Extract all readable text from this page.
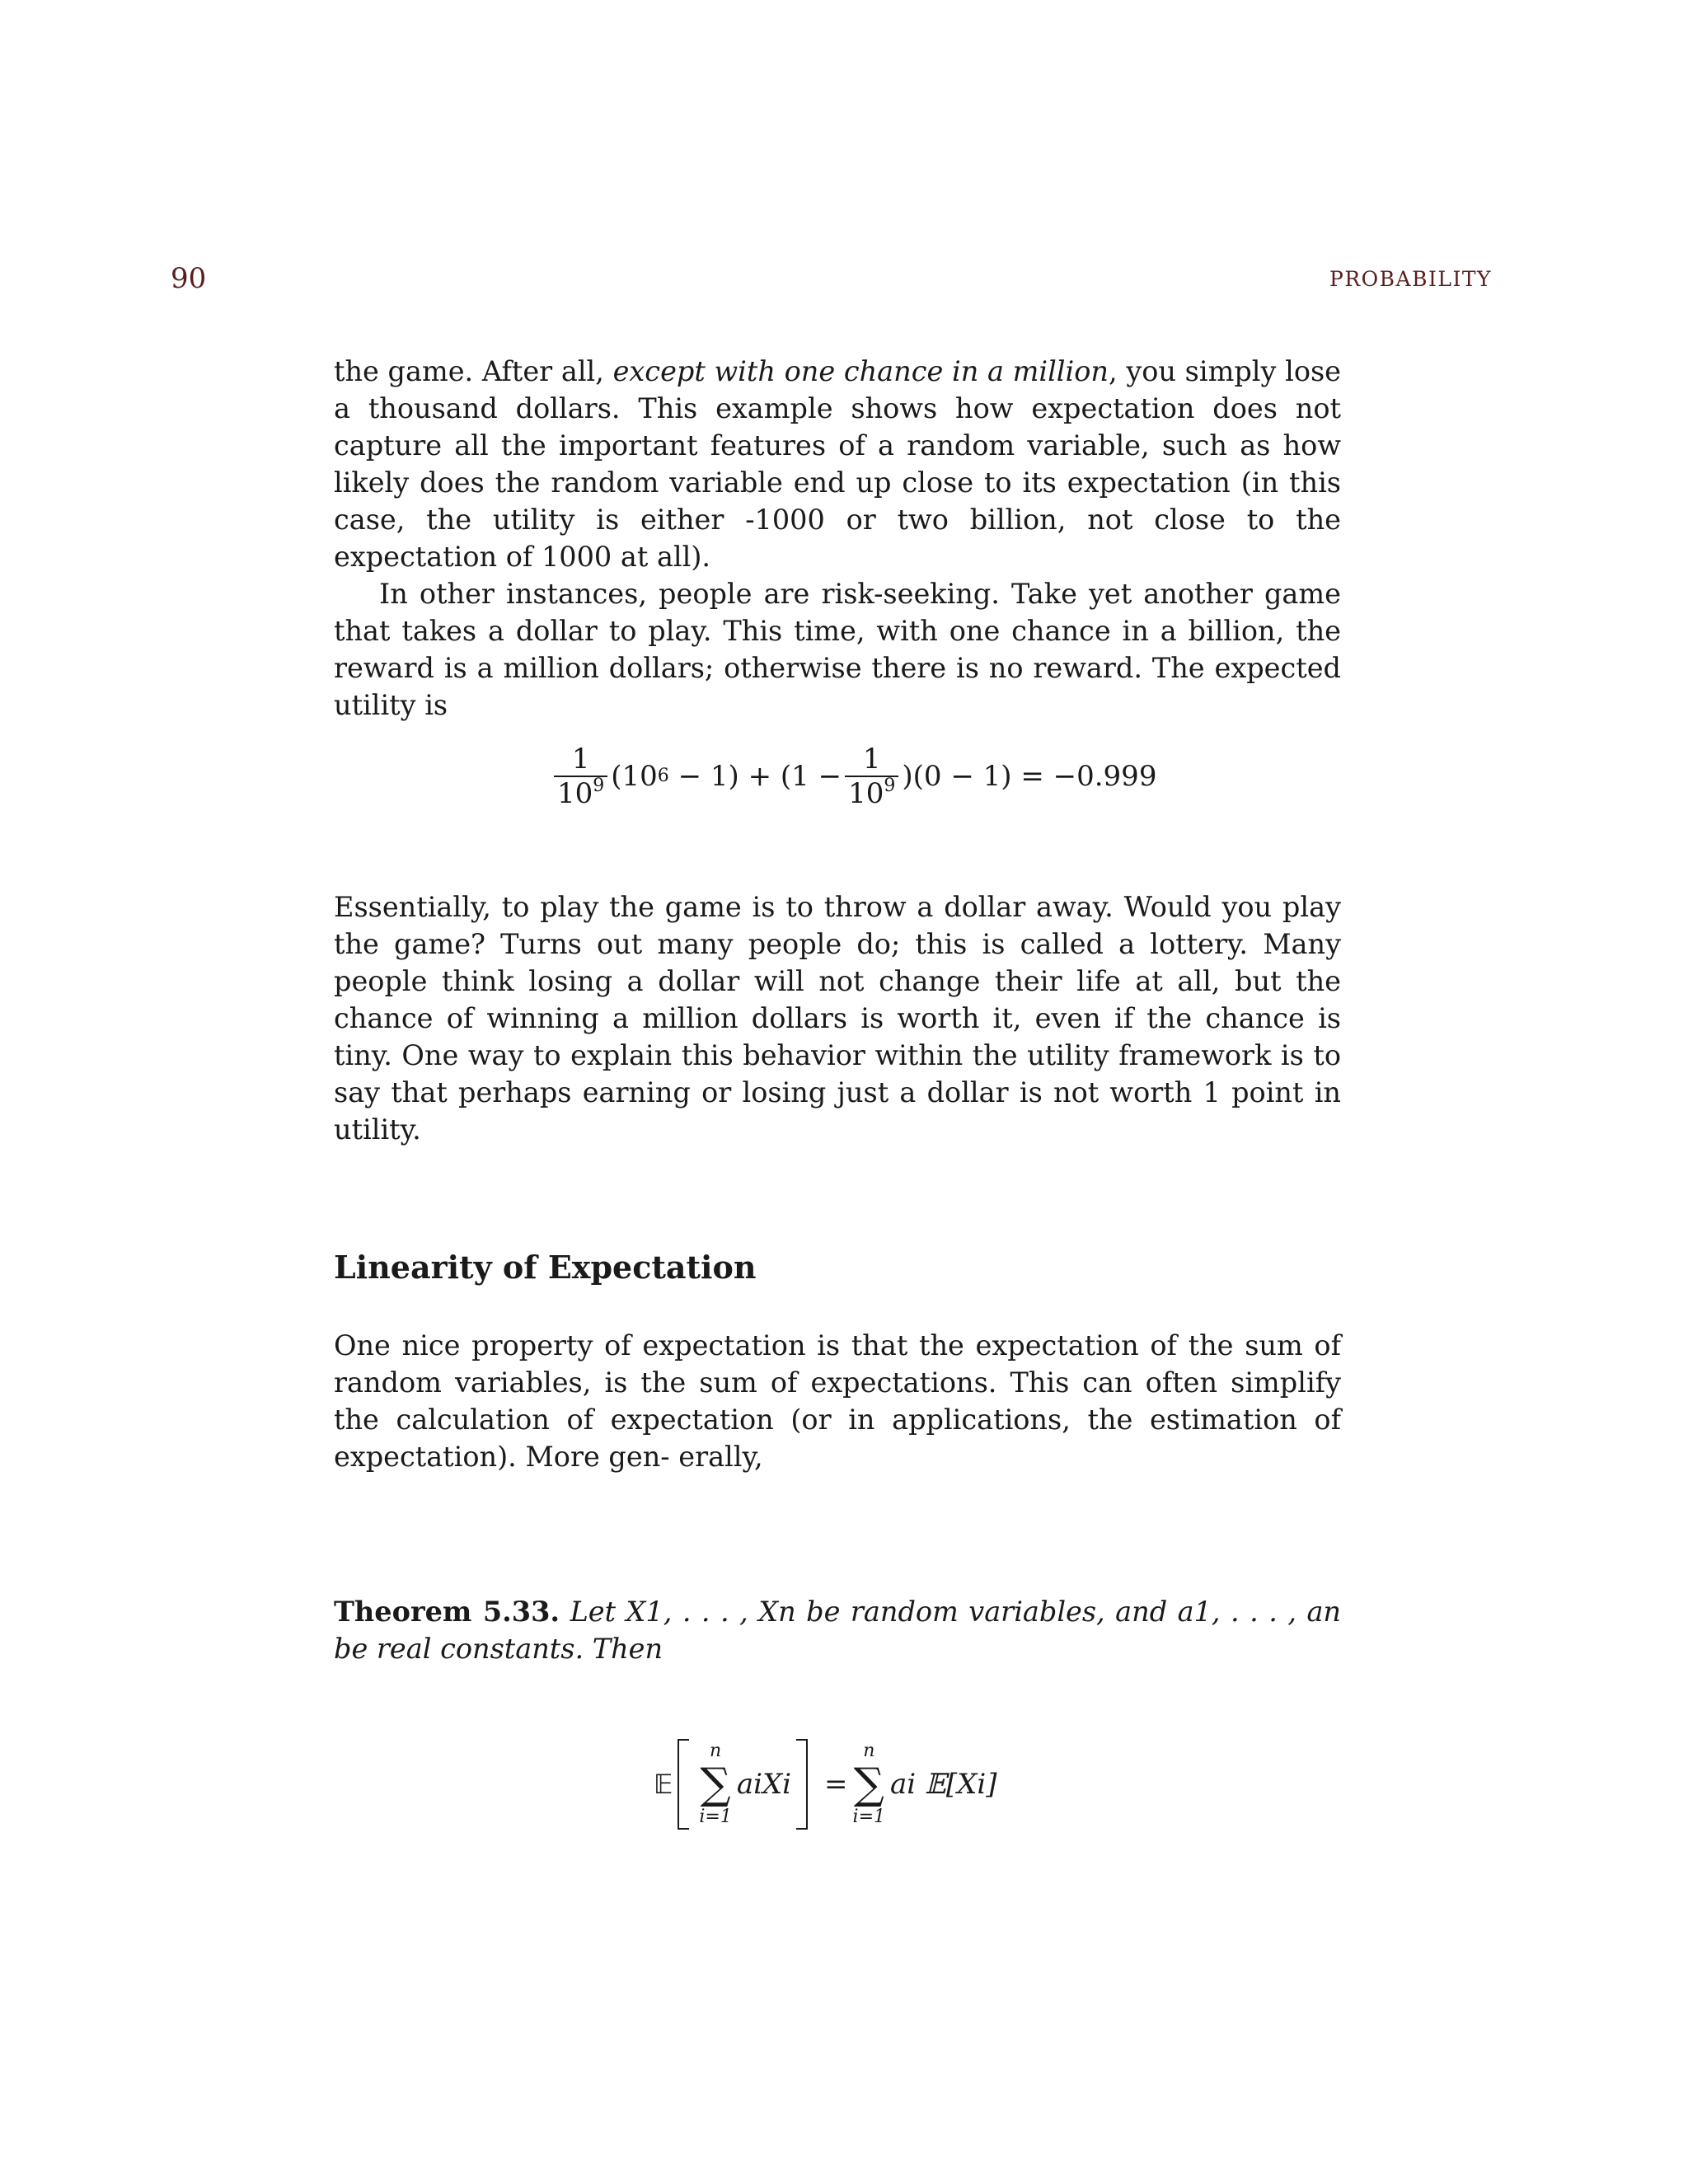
90	PROBABILITY

the game. After all, except with one chance in a million, you simply lose a thousand dollars. This example shows how expectation does not capture all the important features of a random variable, such as how likely does the random variable end up close to its expectation (in this case, the utility is either -1000 or two billion, not close to the expectation of 1000 at all).

In other instances, people are risk-seeking. Take yet another game that takes a dollar to play. This time, with one chance in a billion, the reward is a million dollars; otherwise there is no reward. The expected utility is

$\frac{1}{10^9} (10$ $6 - 1) + (1 - \frac{1}{10^9} )(0 - 1) = -0.999$

Essentially, to play the game is to throw a dollar away. Would you play the game? Turns out many people do; this is called a lottery. Many people think losing a dollar will not change their life at all, but the chance of winning a million dollars is worth it, even if the chance is tiny. One way to explain this behavior within the utility framework is to say that perhaps earning or losing just a dollar is not worth 1 point in utility.

Linearity of Expectation

One nice property of expectation is that the expectation of the sum of random variables, is the sum of expectations. This can often simplify the calculation of expectation (or in applications, the estimation of expectation). More gen- erally,

Theorem 5.33. Let X1, . . . , Xn be random variables, and a1, . . . , an be real constants. Then

𝔼
n
∑
i=1
aiXi =
n
∑
i=1
ai 𝔼[Xi]
